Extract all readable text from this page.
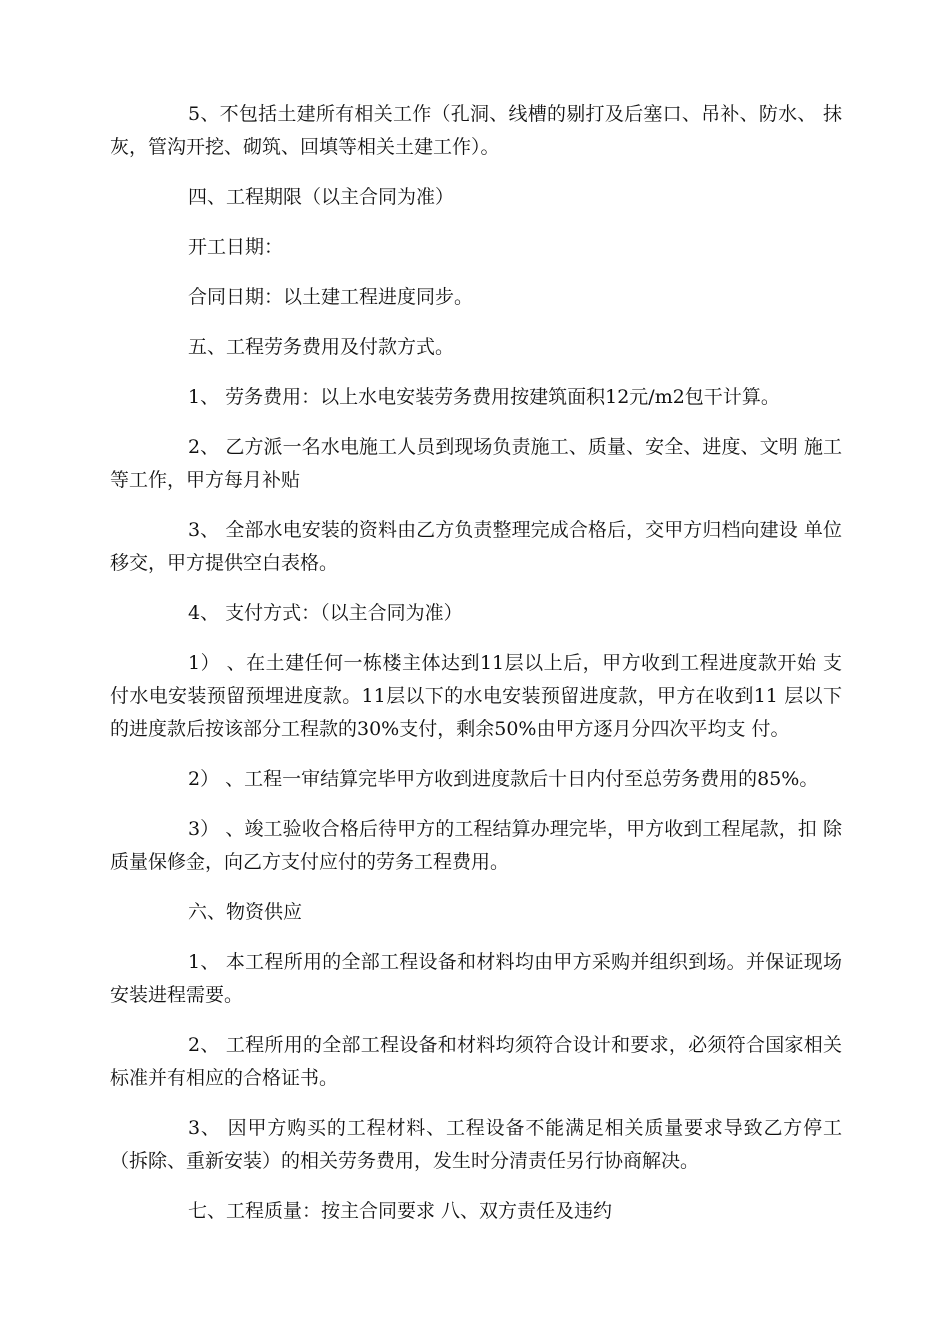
5、不包括土建所有相关工作（孔洞、线槽的剔打及后塞口、吊补、防水、 抹灰，管沟开挖、砌筑、回填等相关土建工作）。

四、工程期限（以主合同为准）

开工日期：

合同日期：以土建工程进度同步。

五、工程劳务费用及付款方式。

1、 劳务费用：以上水电安装劳务费用按建筑面积12元/m2包干计算。

2、 乙方派一名水电施工人员到现场负责施工、质量、安全、进度、文明 施工等工作，甲方每月补贴

3、 全部水电安装的资料由乙方负责整理完成合格后，交甲方归档向建设 单位移交，甲方提供空白表格。

4、 支付方式：（以主合同为准）

1） 、在土建任何一栋楼主体达到11层以上后，甲方收到工程进度款开始 支付水电安装预留预埋进度款。11层以下的水电安装预留进度款，甲方在收到11 层以下的进度款后按该部分工程款的30%支付，剩余50%由甲方逐月分四次平均支 付。

2） 、工程一审结算完毕甲方收到进度款后十日内付至总劳务费用的85%。

3） 、竣工验收合格后待甲方的工程结算办理完毕，甲方收到工程尾款，扣 除质量保修金，向乙方支付应付的劳务工程费用。

六、物资供应

1、 本工程所用的全部工程设备和材料均由甲方采购并组织到场。并保证现场安装进程需要。

2、 工程所用的全部工程设备和材料均须符合设计和要求，必须符合国家相关标准并有相应的合格证书。

3、 因甲方购买的工程材料、工程设备不能满足相关质量要求导致乙方停工（拆除、重新安装）的相关劳务费用，发生时分清责任另行协商解决。

七、工程质量：按主合同要求 八、双方责任及违约
